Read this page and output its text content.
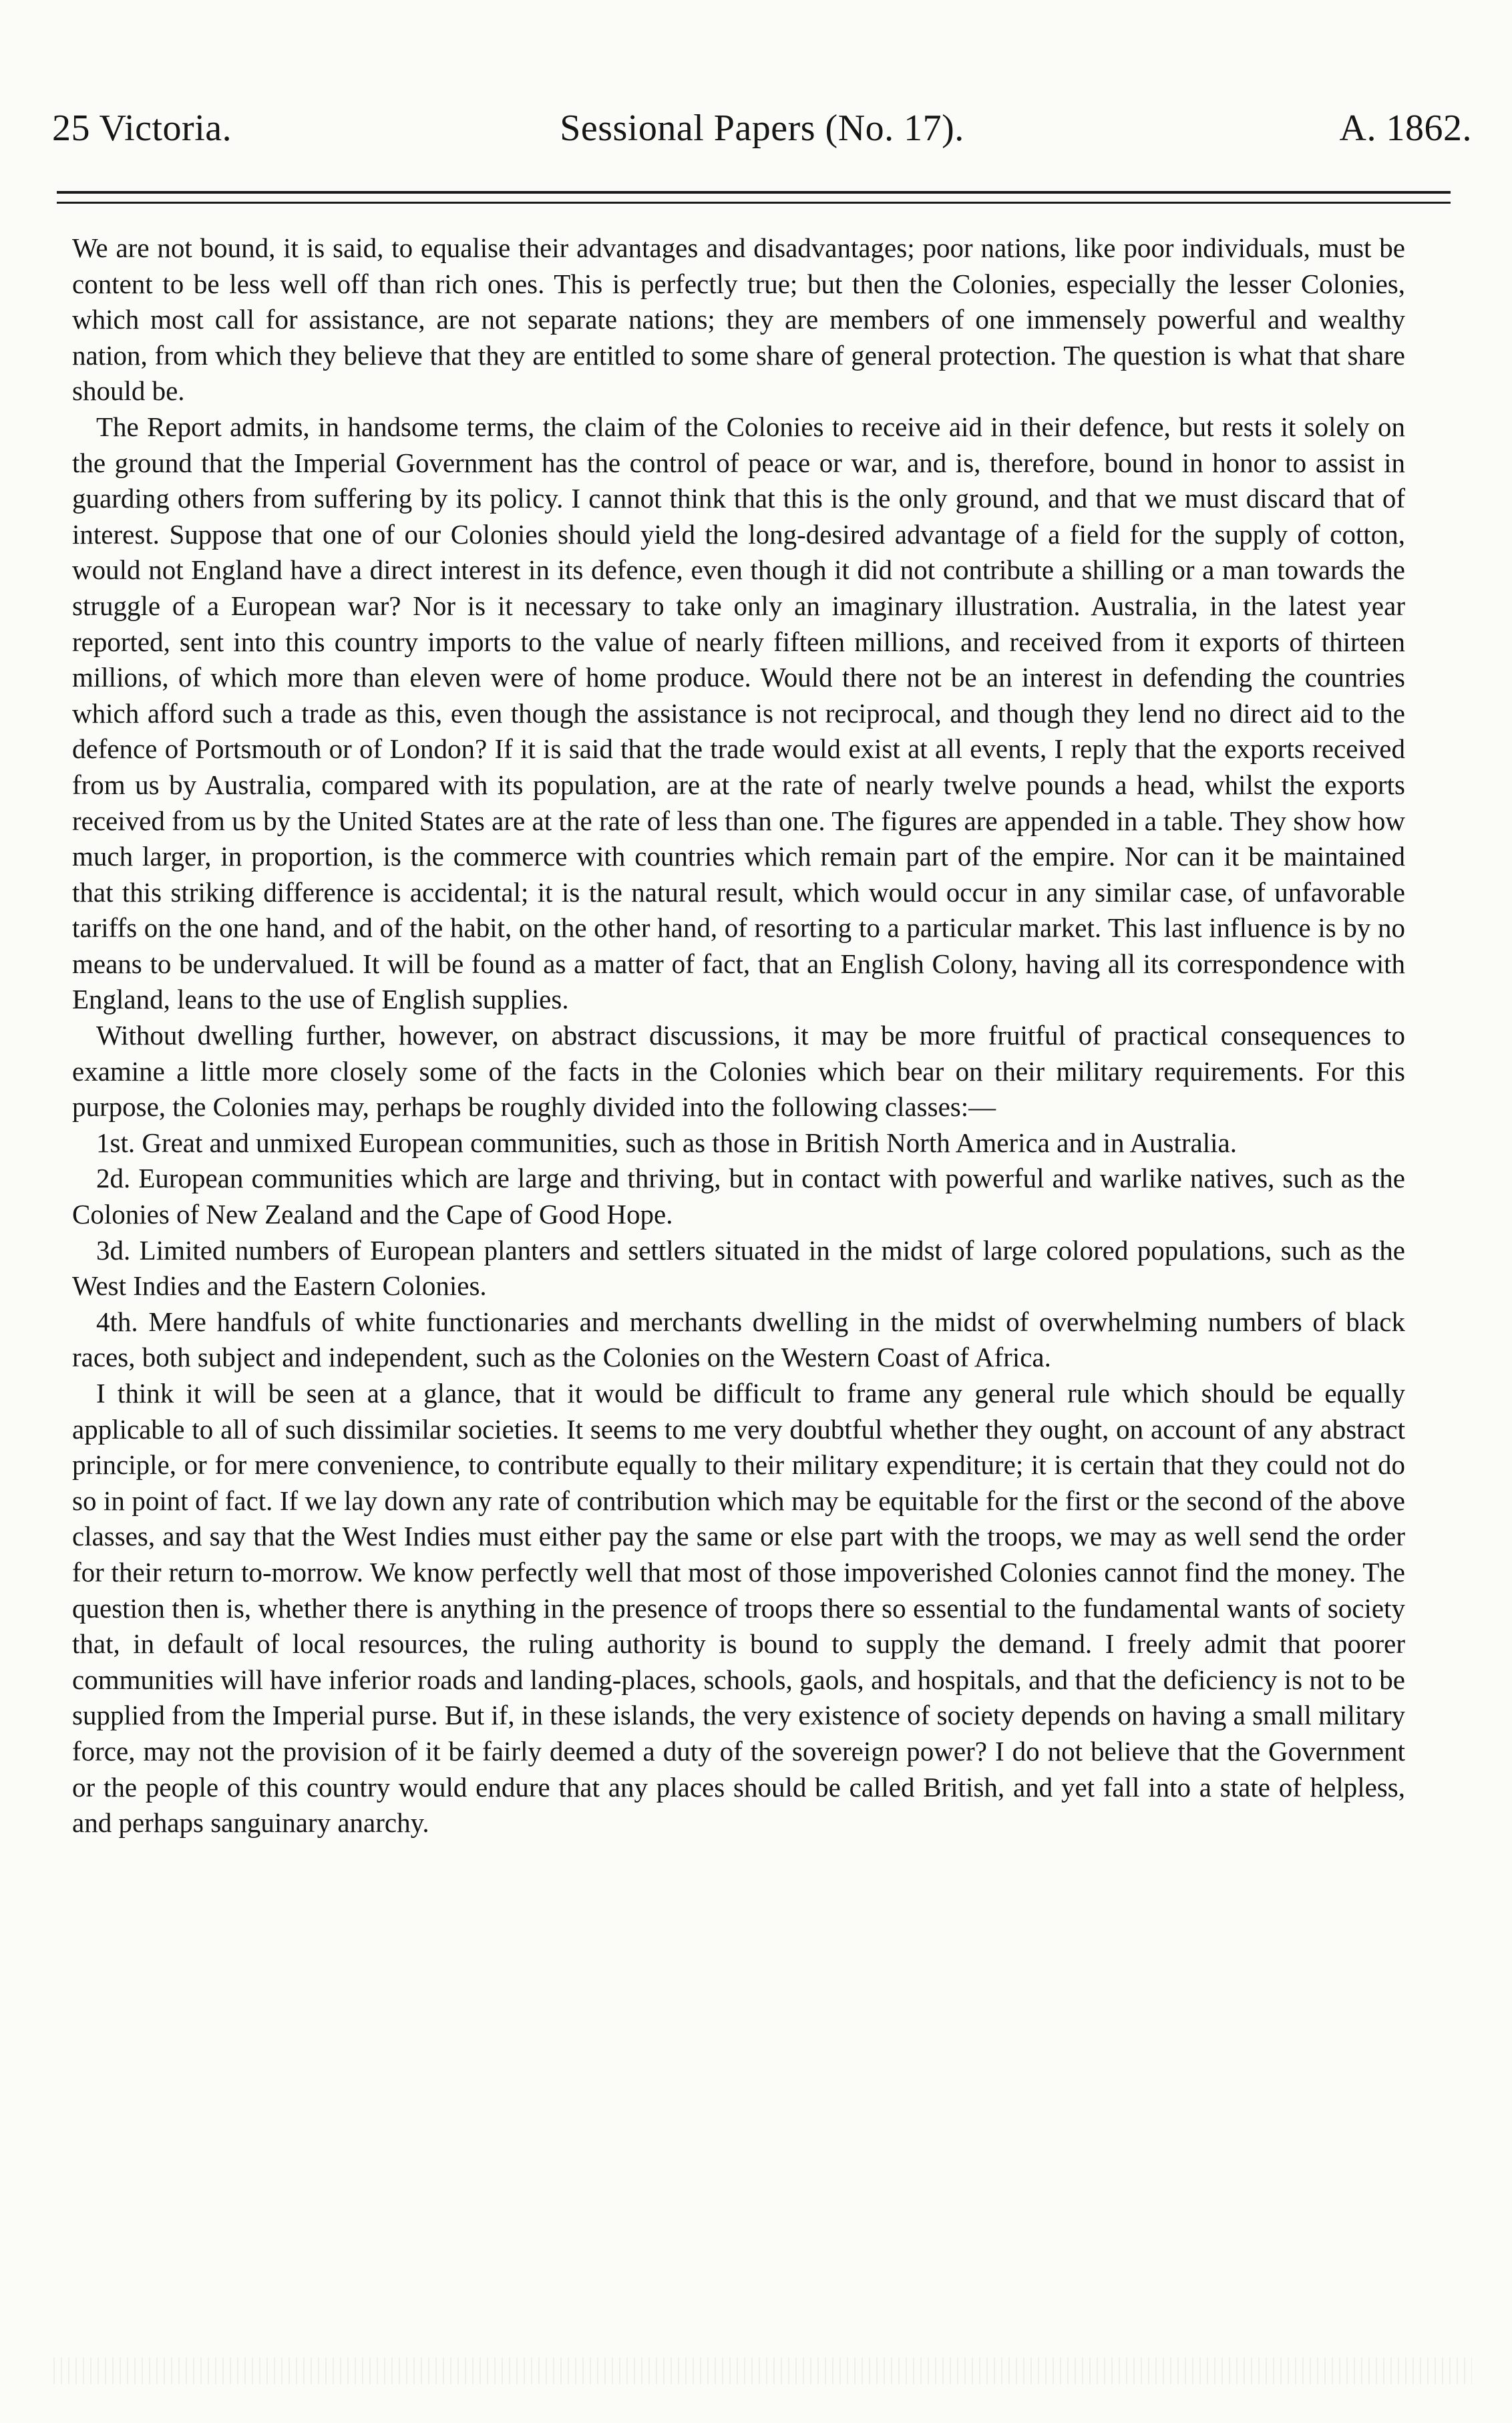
25 Victoria.	Sessional Papers (No. 17).	A. 1862.

We are not bound, it is said, to equalise their advantages and disadvantages; poor nations, like poor individuals, must be content to be less well off than rich ones. This is perfectly true; but then the Colonies, especially the lesser Colonies, which most call for assistance, are not separate nations; they are members of one immensely powerful and wealthy nation, from which they believe that they are entitled to some share of general protection. The question is what that share should be.

The Report admits, in handsome terms, the claim of the Colonies to receive aid in their defence, but rests it solely on the ground that the Imperial Government has the control of peace or war, and is, therefore, bound in honor to assist in guarding others from suffering by its policy. I cannot think that this is the only ground, and that we must discard that of interest. Suppose that one of our Colonies should yield the long-desired advantage of a field for the supply of cotton, would not England have a direct interest in its defence, even though it did not contribute a shilling or a man towards the struggle of a European war? Nor is it necessary to take only an imaginary illustration. Australia, in the latest year reported, sent into this country imports to the value of nearly fifteen millions, and received from it exports of thirteen millions, of which more than eleven were of home produce. Would there not be an interest in defending the countries which afford such a trade as this, even though the assistance is not reciprocal, and though they lend no direct aid to the defence of Portsmouth or of London? If it is said that the trade would exist at all events, I reply that the exports received from us by Australia, compared with its population, are at the rate of nearly twelve pounds a head, whilst the exports received from us by the United States are at the rate of less than one. The figures are appended in a table. They show how much larger, in proportion, is the commerce with countries which remain part of the empire. Nor can it be maintained that this striking difference is accidental; it is the natural result, which would occur in any similar case, of unfavorable tariffs on the one hand, and of the habit, on the other hand, of resorting to a particular market. This last influence is by no means to be undervalued. It will be found as a matter of fact, that an English Colony, having all its correspondence with England, leans to the use of English supplies.

Without dwelling further, however, on abstract discussions, it may be more fruitful of practical consequences to examine a little more closely some of the facts in the Colonies which bear on their military requirements. For this purpose, the Colonies may, perhaps be roughly divided into the following classes:—

1st. Great and unmixed European communities, such as those in British North America and in Australia.

2d. European communities which are large and thriving, but in contact with powerful and warlike natives, such as the Colonies of New Zealand and the Cape of Good Hope.

3d. Limited numbers of European planters and settlers situated in the midst of large colored populations, such as the West Indies and the Eastern Colonies.

4th. Mere handfuls of white functionaries and merchants dwelling in the midst of overwhelming numbers of black races, both subject and independent, such as the Colonies on the Western Coast of Africa.

I think it will be seen at a glance, that it would be difficult to frame any general rule which should be equally applicable to all of such dissimilar societies. It seems to me very doubtful whether they ought, on account of any abstract principle, or for mere convenience, to contribute equally to their military expenditure; it is certain that they could not do so in point of fact. If we lay down any rate of contribution which may be equitable for the first or the second of the above classes, and say that the West Indies must either pay the same or else part with the troops, we may as well send the order for their return to-morrow. We know perfectly well that most of those impoverished Colonies cannot find the money. The question then is, whether there is anything in the presence of troops there so essential to the fundamental wants of society that, in default of local resources, the ruling authority is bound to supply the demand. I freely admit that poorer communities will have inferior roads and landing-places, schools, gaols, and hospitals, and that the deficiency is not to be supplied from the Imperial purse. But if, in these islands, the very existence of society depends on having a small military force, may not the provision of it be fairly deemed a duty of the sovereign power? I do not believe that the Government or the people of this country would endure that any places should be called British, and yet fall into a state of helpless, and perhaps sanguinary anarchy.
